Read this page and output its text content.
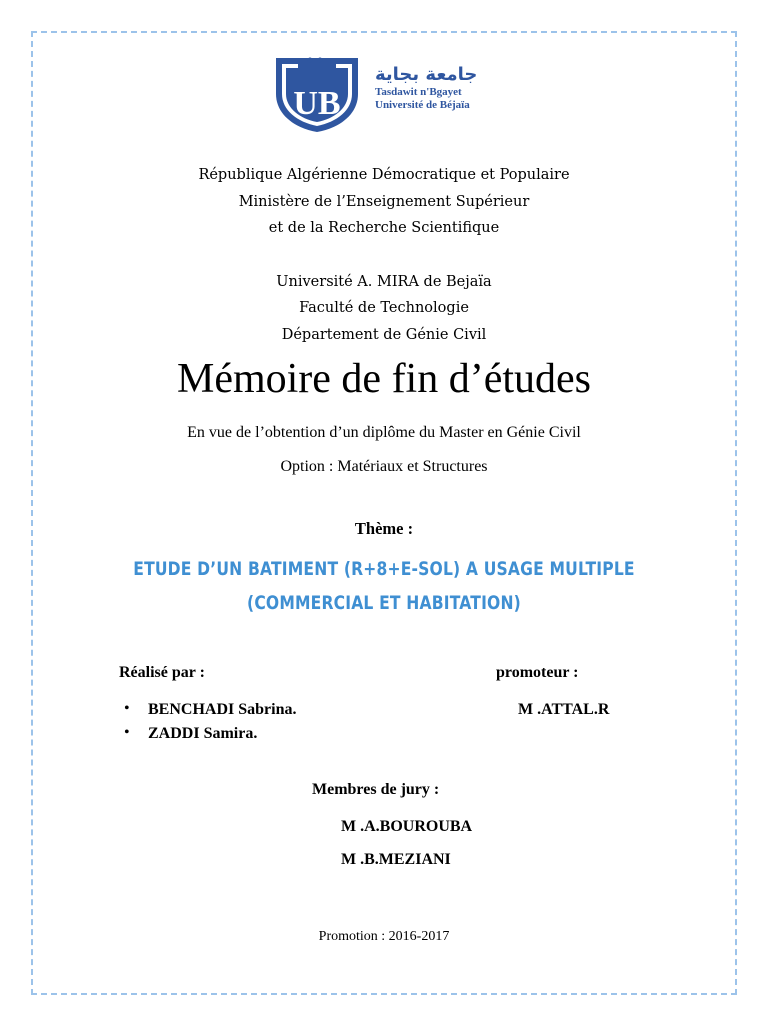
UB
جامعة بجاية
Tasdawit n'Bgayet
Université de Béjaïa
République Algérienne Démocratique et Populaire
Ministère de l’Enseignement Supérieur
et de la Recherche Scientifique
Université A. MIRA de Bejaïa
Faculté de Technologie
Département de Génie Civil
Mémoire de fin d’études
En vue de l’obtention d’un diplôme du Master en Génie Civil
Option : Matériaux et Structures
Thème :
ETUDE D’UN BATIMENT (R+8+E-SOL) A USAGE MULTIPLE
(COMMERCIAL ET HABITATION)
Réalisé par :	promoteur :
• BENCHADI Sabrina.	M .ATTAL.R
• ZADDI Samira.
Membres de jury :
M .A.BOUROUBA
M .B.MEZIANI
Promotion : 2016-2017
